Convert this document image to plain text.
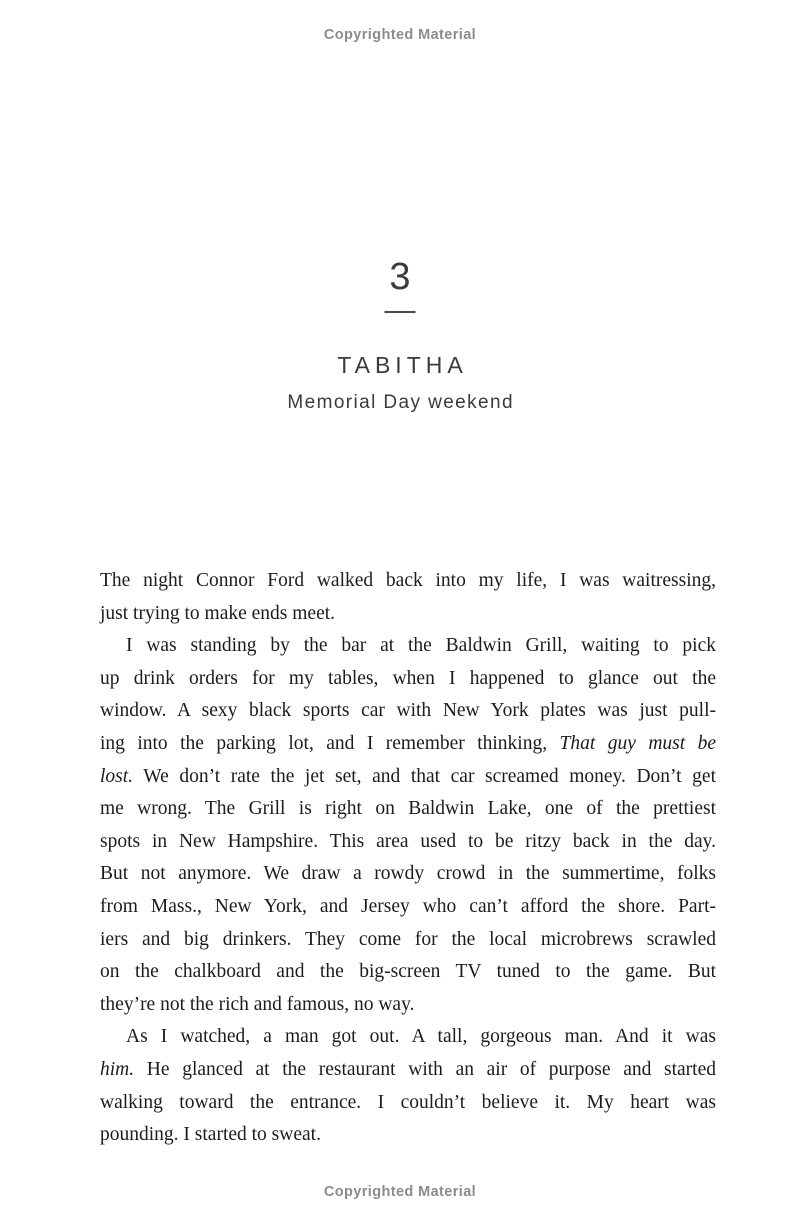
Copyrighted Material
3
TABITHA
Memorial Day weekend
The night Connor Ford walked back into my life, I was waitressing,
just trying to make ends meet.
I was standing by the bar at the Baldwin Grill, waiting to pick
up drink orders for my tables, when I happened to glance out the
window. A sexy black sports car with New York plates was just pull-
ing into the parking lot, and I remember thinking, That guy must be
lost. We don’t rate the jet set, and that car screamed money. Don’t get
me wrong. The Grill is right on Baldwin Lake, one of the prettiest
spots in New Hampshire. This area used to be ritzy back in the day.
But not anymore. We draw a rowdy crowd in the summertime, folks
from Mass., New York, and Jersey who can’t afford the shore. Part-
iers and big drinkers. They come for the local microbrews scrawled
on the chalkboard and the big-screen TV tuned to the game. But
they’re not the rich and famous, no way.
As I watched, a man got out. A tall, gorgeous man. And it was
him. He glanced at the restaurant with an air of purpose and started
walking toward the entrance. I couldn’t believe it. My heart was
pounding. I started to sweat.
Copyrighted Material
